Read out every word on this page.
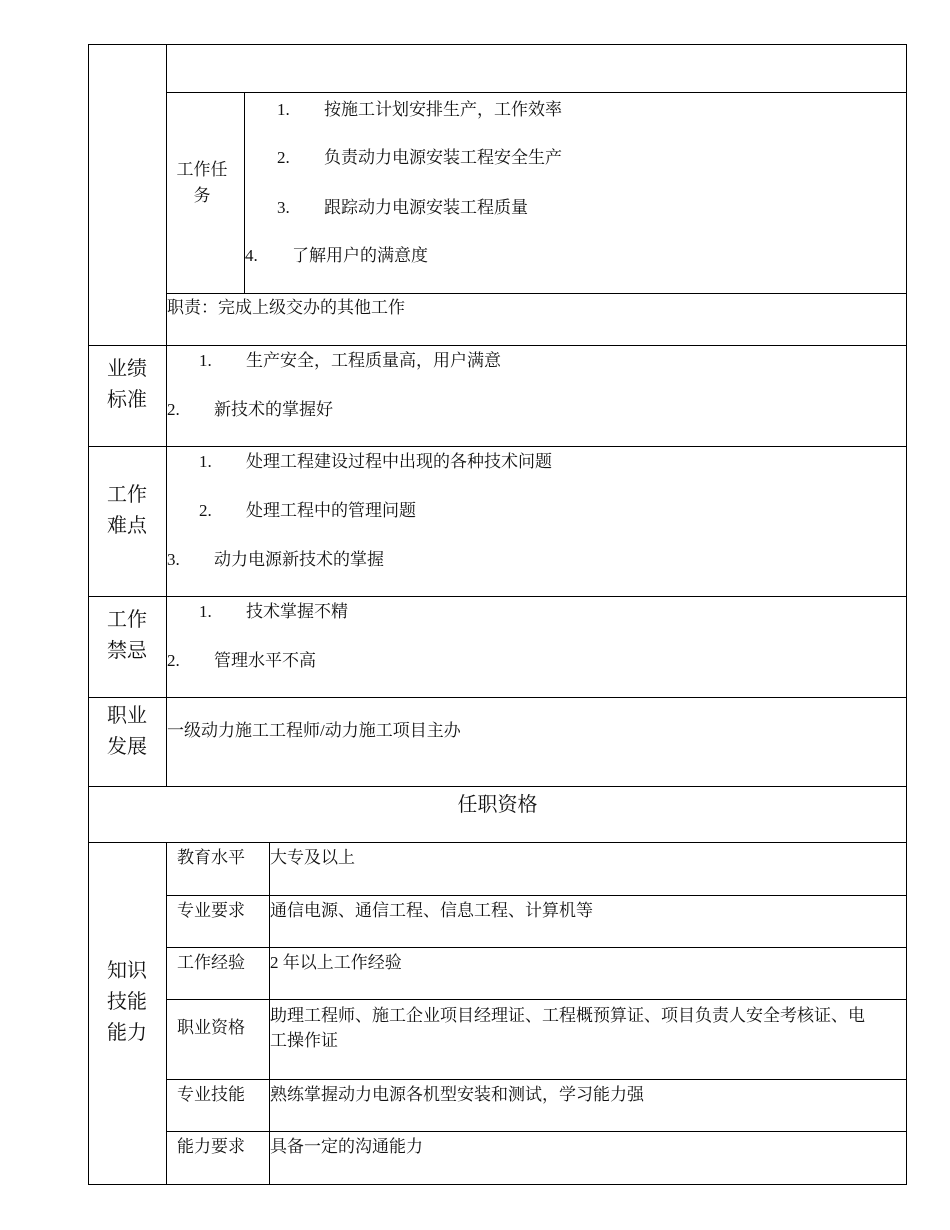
工作任
务
1. 按施工计划安排生产，工作效率
2. 负责动力电源安装工程安全生产
3. 跟踪动力电源安装工程质量
4. 了解用户的满意度
职责：完成上级交办的其他工作
业绩
标准
1. 生产安全，工程质量高，用户满意
2. 新技术的掌握好
工作
难点
1. 处理工程建设过程中出现的各种技术问题
2. 处理工程中的管理问题
3. 动力电源新技术的掌握
工作
禁忌
1. 技术掌握不精
2. 管理水平不高
职业
发展
一级动力施工工程师/动力施工项目主办
任职资格
知识
技能
能力
教育水平 大专及以上
专业要求 通信电源、通信工程、信息工程、计算机等
工作经验 2 年以上工作经验
职业资格
助理工程师、施工企业项目经理证、工程概预算证、项目负责人安全考核证、电工操作证
专业技能 熟练掌握动力电源各机型安装和测试，学习能力强
能力要求 具备一定的沟通能力
